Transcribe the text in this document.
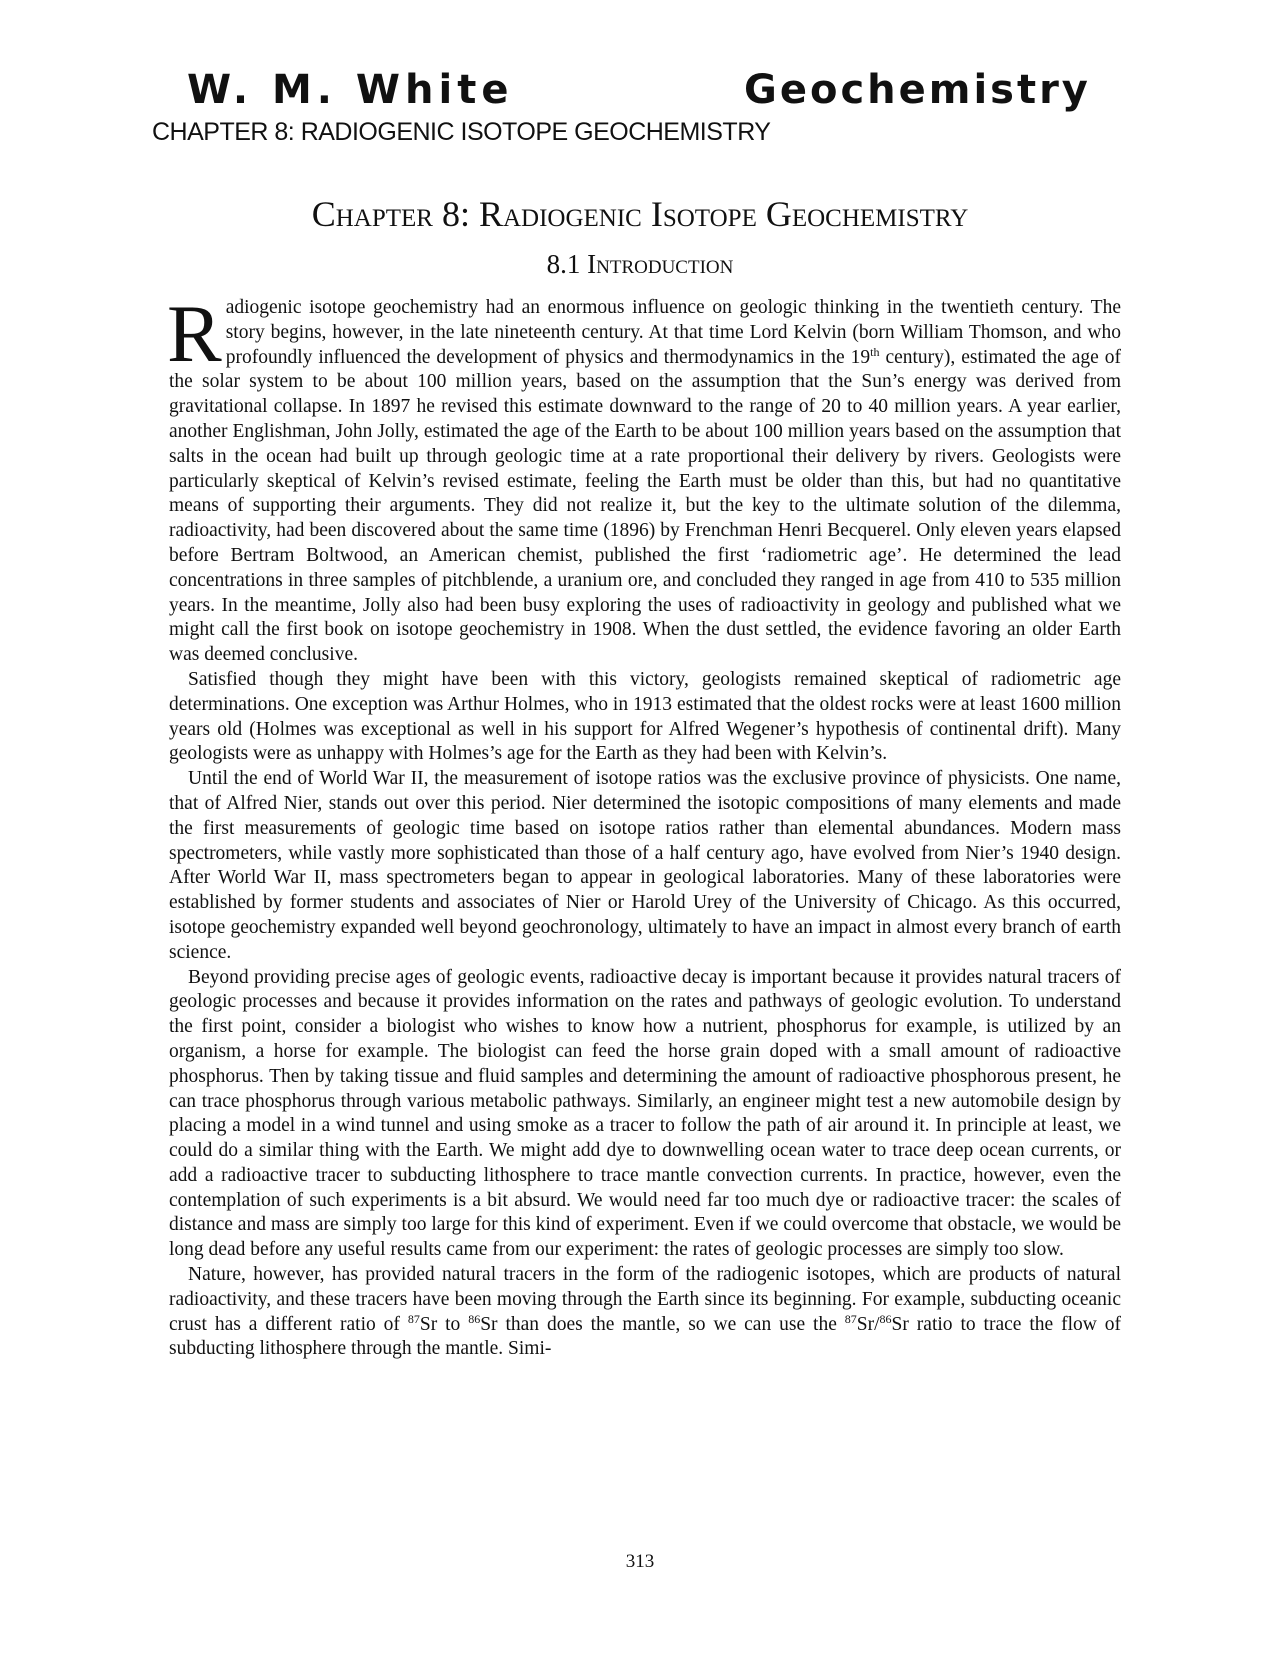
W. M. White	Geochemistry
CHAPTER 8: RADIOGENIC ISOTOPE GEOCHEMISTRY
Chapter 8: Radiogenic Isotope Geochemistry
8.1 Introduction

Radiogenic isotope geochemistry had an enormous influence on geologic thinking in the twentieth century. The story begins, however, in the late nineteenth century. At that time Lord Kelvin (born William Thomson, and who profoundly influenced the development of physics and thermodynamics in the 19th century), estimated the age of the solar system to be about 100 million years, based on the assumption that the Sun’s energy was derived from gravitational collapse. In 1897 he revised this estimate downward to the range of 20 to 40 million years. A year earlier, another Englishman, John Jolly, estimated the age of the Earth to be about 100 million years based on the assumption that salts in the ocean had built up through geologic time at a rate proportional their delivery by rivers. Geologists were particularly skeptical of Kelvin’s revised estimate, feeling the Earth must be older than this, but had no quantitative means of supporting their arguments. They did not realize it, but the key to the ultimate solution of the dilemma, radioactivity, had been discovered about the same time (1896) by Frenchman Henri Becquerel. Only eleven years elapsed before Bertram Boltwood, an American chemist, published the first ‘radiometric age’. He determined the lead concentrations in three samples of pitchblende, a uranium ore, and concluded they ranged in age from 410 to 535 million years. In the meantime, Jolly also had been busy exploring the uses of radioactivity in geology and published what we might call the first book on isotope geochemistry in 1908. When the dust settled, the evidence favoring an older Earth was deemed conclusive.

Satisfied though they might have been with this victory, geologists remained skeptical of radiometric age determinations. One exception was Arthur Holmes, who in 1913 estimated that the oldest rocks were at least 1600 million years old (Holmes was exceptional as well in his support for Alfred Wegener’s hypothesis of continental drift). Many geologists were as unhappy with Holmes’s age for the Earth as they had been with Kelvin’s.

Until the end of World War II, the measurement of isotope ratios was the exclusive province of physicists. One name, that of Alfred Nier, stands out over this period. Nier determined the isotopic compositions of many elements and made the first measurements of geologic time based on isotope ratios rather than elemental abundances. Modern mass spectrometers, while vastly more sophisticated than those of a half century ago, have evolved from Nier’s 1940 design. After World War II, mass spectrometers began to appear in geological laboratories. Many of these laboratories were established by former students and associates of Nier or Harold Urey of the University of Chicago. As this occurred, isotope geochemistry expanded well beyond geochronology, ultimately to have an impact in almost every branch of earth science.

Beyond providing precise ages of geologic events, radioactive decay is important because it provides natural tracers of geologic processes and because it provides information on the rates and pathways of geologic evolution. To understand the first point, consider a biologist who wishes to know how a nutrient, phosphorus for example, is utilized by an organism, a horse for example. The biologist can feed the horse grain doped with a small amount of radioactive phosphorus. Then by taking tissue and fluid samples and determining the amount of radioactive phosphorous present, he can trace phosphorus through various metabolic pathways. Similarly, an engineer might test a new automobile design by placing a model in a wind tunnel and using smoke as a tracer to follow the path of air around it. In principle at least, we could do a similar thing with the Earth. We might add dye to downwelling ocean water to trace deep ocean currents, or add a radioactive tracer to subducting lithosphere to trace mantle convection currents. In practice, however, even the contemplation of such experiments is a bit absurd. We would need far too much dye or radioactive tracer: the scales of distance and mass are simply too large for this kind of experiment. Even if we could overcome that obstacle, we would be long dead before any useful results came from our experiment: the rates of geologic processes are simply too slow.

Nature, however, has provided natural tracers in the form of the radiogenic isotopes, which are products of natural radioactivity, and these tracers have been moving through the Earth since its beginning. For example, subducting oceanic crust has a different ratio of $^{87}$Sr to $^{86}$Sr than does the mantle, so we can use the $^{87}$Sr/$^{86}$Sr ratio to trace the flow of subducting lithosphere through the mantle. Simi-

313
